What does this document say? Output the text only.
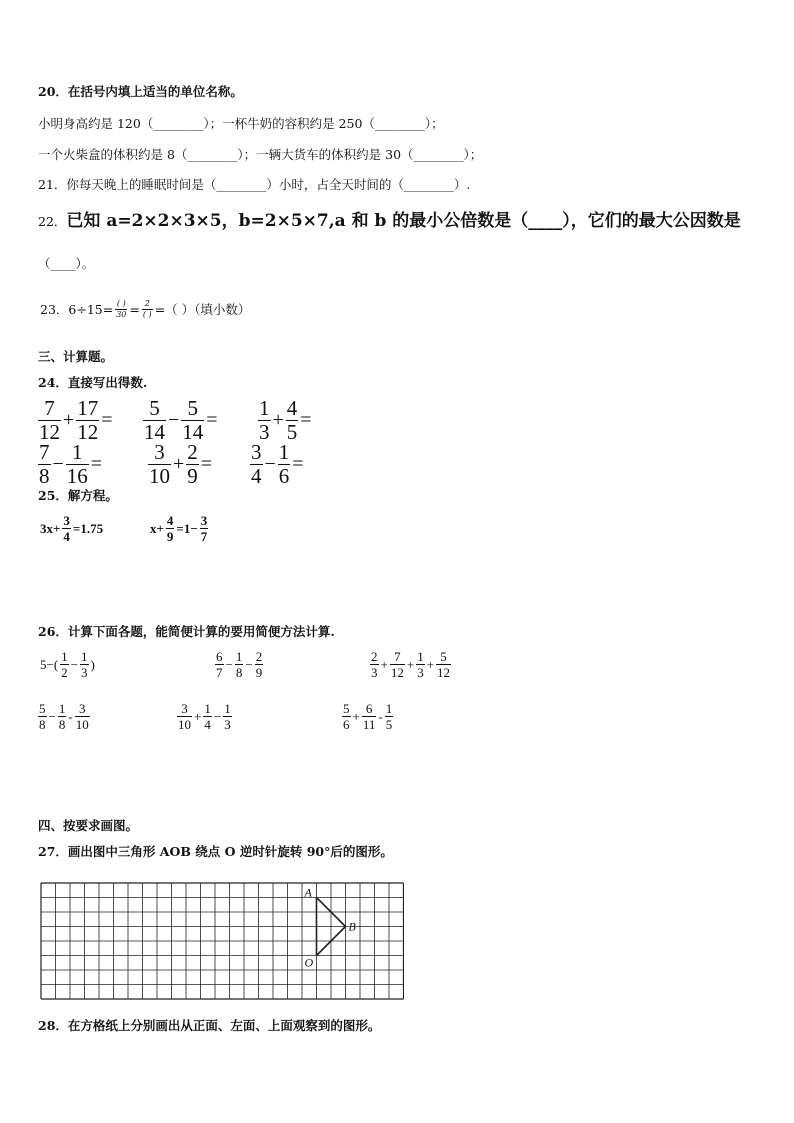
20．在括号内填上适当的单位名称。
小明身高约是 120（________）；一杯牛奶的容积约是 250（________）；
一个火柴盒的体积约是 8（________）；一辆大货车的体积约是 30（________）；
21．你每天晚上的睡眠时间是（________）小时，占全天时间的（________）.
22．已知 a=2×2×3×5，b=2×5×7,a 和 b 的最小公倍数是（____），它们的最大公因数是
（____）。
23．$6\div 15= \frac{( )}{30} = \frac{2}{( )}$ =（ ）（填小数）
三、计算题。
24．直接写出得数.
$\frac{7}{12} + \frac{17}{12} = \frac{5}{14} - \frac{5}{14} = \frac{1}{3} + \frac{4}{5}$ =
$\frac{7}{8} - \frac{1}{16} = \frac{3}{10} + \frac{2}{9} = \frac{3}{4} - \frac{1}{6}$ =
25．解方程。
$3x+ \frac{3}{4} =1.75$	$x+ \frac{4}{9} =1- \frac{3}{7}$
26．计算下面各题，能简便计算的要用简便方法计算.
$5-( \frac{1}{2} - \frac{1}{3}$ )	$\frac{6}{7} - \frac{1}{8} - \frac{2}{9}$	$\frac{2}{3} + \frac{7}{12} + \frac{1}{3} + \frac{5}{12}$
$\frac{5}{8} - \frac{1}{8} - \frac{3}{10}$	$\frac{3}{10} + \frac{1}{4} - \frac{1}{3}$	$\frac{5}{6} + \frac{6}{11} - \frac{1}{5}$
四、按要求画图。
27．画出图中三角形 AOB 绕点 O 逆时针旋转 90°后的图形。
A
B
O
28．在方格纸上分别画出从正面、左面、上面观察到的图形。
